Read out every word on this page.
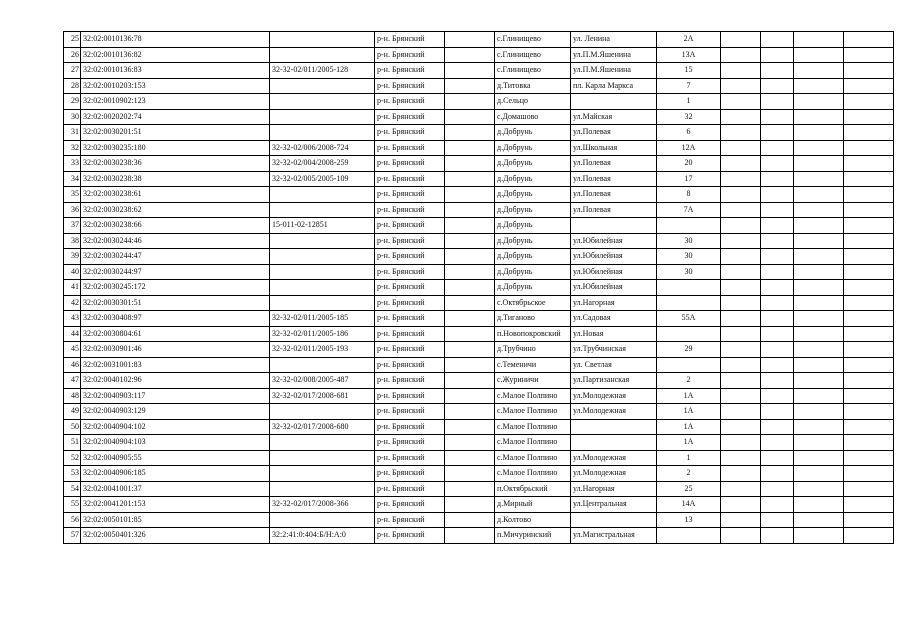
25	32:02:0010136:78		р-н. Брянский		с.Глинищево	ул. Ленина	2А				
26	32:02:0010136:82		р-н. Брянский		с.Глинищево	ул.П.М.Яшенина	13А				
27	32:02:0010136:83	32-32-02/011/2005-128	р-н. Брянский		с.Глинищево	ул.П.М.Яшенина	15				
28	32:02:0010203:153		р-н. Брянский		д.Титовка	пл. Карла Маркса	7				
29	32:02:0010902:123		р-н. Брянский		д.Сельцо		1				
30	32:02:0020202:74		р-н. Брянский		с.Домашово	ул.Майская	32				
31	32:02:0030201:51		р-н. Брянский		д.Добрунь	ул.Полевая	6				
32	32:02:0030235:180	32-32-02/006/2008-724	р-н. Брянский		д.Добрунь	ул.Школьная	12А				
33	32:02:0030238:36	32-32-02/004/2008-259	р-н. Брянский		д.Добрунь	ул.Полевая	20				
34	32:02:0030238:38	32-32-02/005/2005-109	р-н. Брянский		д.Добрунь	ул.Полевая	17				
35	32:02:0030238:61		р-н. Брянский		д.Добрунь	ул.Полевая	8				
36	32:02:0030238:62		р-н. Брянский		д.Добрунь	ул.Полевая	7А				
37	32:02:0030238:66	15-011-02-12851	р-н. Брянский		д.Добрунь						
38	32:02:0030244:46		р-н. Брянский		д.Добрунь	ул.Юбилейная	30				
39	32:02:0030244:47		р-н. Брянский		д.Добрунь	ул.Юбилейная	30				
40	32:02:0030244:97		р-н. Брянский		д.Добрунь	ул.Юбилейная	30				
41	32:02:0030245:172		р-н. Брянский		д.Добрунь	ул.Юбилейная					
42	32:02:0030301:51		р-н. Брянский		с.Октябрьское	ул.Нагорная					
43	32:02:0030408:97	32-32-02/011/2005-185	р-н. Брянский		д.Тиганово	ул.Садовая	55А				
44	32:02:0030804:61	32-32-02/011/2005-186	р-н. Брянский		п.Новопокровский	ул.Новая					
45	32:02:0030901:46	32-32-02/011/2005-193	р-н. Брянский		д.Трубчино	ул.Трубчинская	29				
46	32:02:0031001:83		р-н. Брянский		с.Теменичи	ул. Светлая					
47	32:02:0040102:96	32-32-02/008/2005-487	р-н. Брянский		с.Журиничи	ул.Партизанская	2				
48	32:02:0040903:117	32-32-02/017/2008-681	р-н. Брянский		с.Малое Полпино	ул.Молодежная	1А				
49	32:02:0040903:129		р-н. Брянский		с.Малое Полпино	ул.Молодежная	1А				
50	32:02:0040904:102	32-32-02/017/2008-680	р-н. Брянский		с.Малое Полпино		1А				
51	32:02:0040904:103		р-н. Брянский		с.Малое Полпино		1А				
52	32:02:0040905:55		р-н. Брянский		с.Малое Полпино	ул.Молодежная	1				
53	32:02:0040906:185		р-н. Брянский		с.Малое Полпино	ул.Молодежная	2				
54	32:02:0041001:37		р-н. Брянский		п.Октябрьский	ул.Нагорная	25				
55	32:02:0041201:153	32-32-02/017/2008-366	р-н. Брянский		д.Мирный	ул.Центральная	14А				
56	32:02:0050101:85		р-н. Брянский		д.Колтово		13				
57	32:02:0050401:326	32:2:41:0:404:Б/Н:А:0	р-н. Брянский		п.Мичуринский	ул.Магистральная					
